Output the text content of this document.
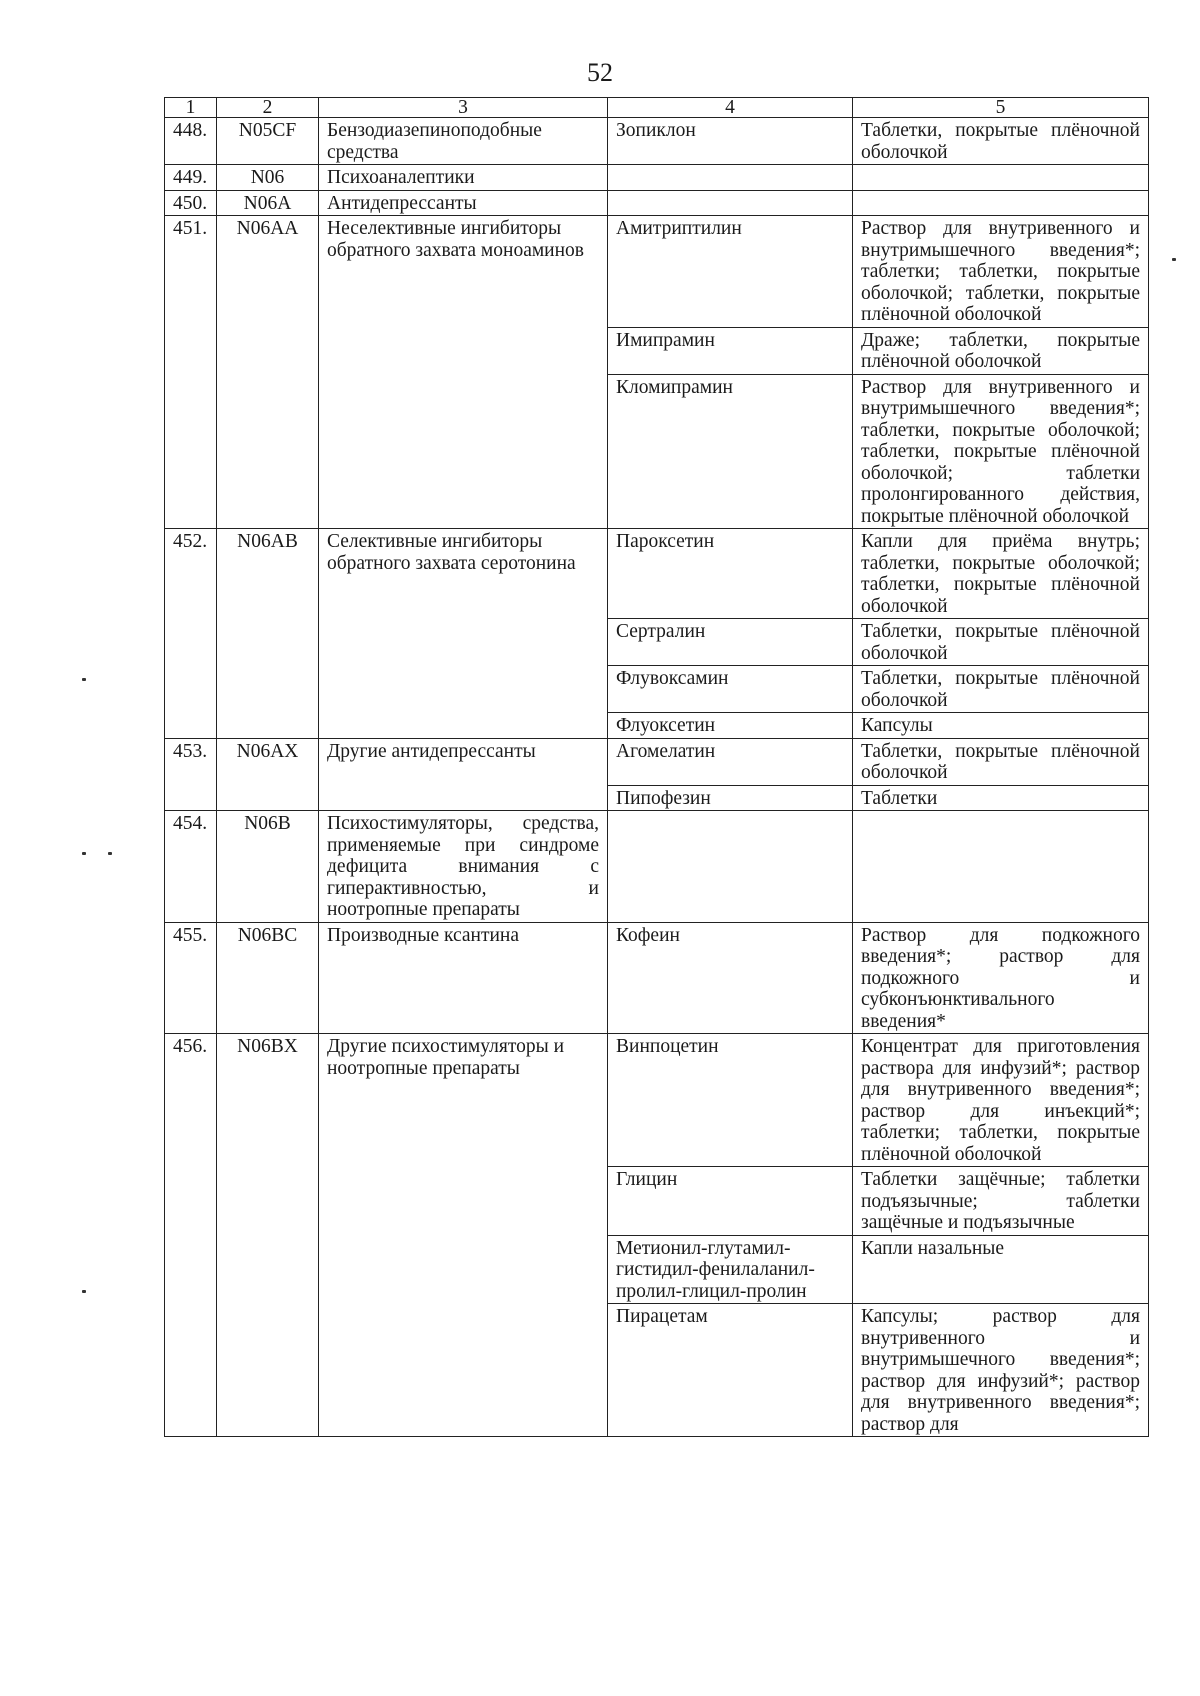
52
1	2	3	4	5
448.	N05CF	Бензодиазепиноподобные средства	Зопиклон	Таблетки, покрытые плёночной оболочкой
449.	N06	Психоаналептики		
450.	N06A	Антидепрессанты		
451.	N06AA	Неселективные ингибиторы обратного захвата моноаминов	Амитриптилин	Раствор для внутривенного и внутримышечного введения*; таблетки; таблетки, покрытые оболочкой; таблетки, покрытые плёночной оболочкой
			Имипрамин	Драже; таблетки, покрытые плёночной оболочкой
			Кломипрамин	Раствор для внутривенного и внутримышечного введения*; таблетки, покрытые оболочкой; таблетки, покрытые плёночной оболочкой; таблетки пролонгированного действия, покрытые плёночной оболочкой
452.	N06AB	Селективные ингибиторы обратного захвата серотонина	Пароксетин	Капли для приёма внутрь; таблетки, покрытые оболочкой; таблетки, покрытые плёночной оболочкой
			Сертралин	Таблетки, покрытые плёночной оболочкой
			Флувоксамин	Таблетки, покрытые плёночной оболочкой
			Флуоксетин	Капсулы
453.	N06AX	Другие антидепрессанты	Агомелатин	Таблетки, покрытые плёночной оболочкой
			Пипофезин	Таблетки
454.	N06B	Психостимуляторы, средства, применяемые при синдроме дефицита внимания с гиперактивностью, и ноотропные препараты		
455.	N06BC	Производные ксантина	Кофеин	Раствор для подкожного введения*; раствор для подкожного и субконъюнктивального введения*
456.	N06BX	Другие психостимуляторы и ноотропные препараты	Винпоцетин	Концентрат для приготовления раствора для инфузий*; раствор для внутривенного введения*; раствор для инъекций*; таблетки; таблетки, покрытые плёночной оболочкой
			Глицин	Таблетки защёчные; таблетки подъязычные; таблетки защёчные и подъязычные
			Метионил-глутамил-гистидил-фенилаланил-пролил-глицил-пролин	Капли назальные
			Пирацетам	Капсулы; раствор для внутривенного и внутримышечного введения*; раствор для инфузий*; раствор для внутривенного введения*; раствор для
